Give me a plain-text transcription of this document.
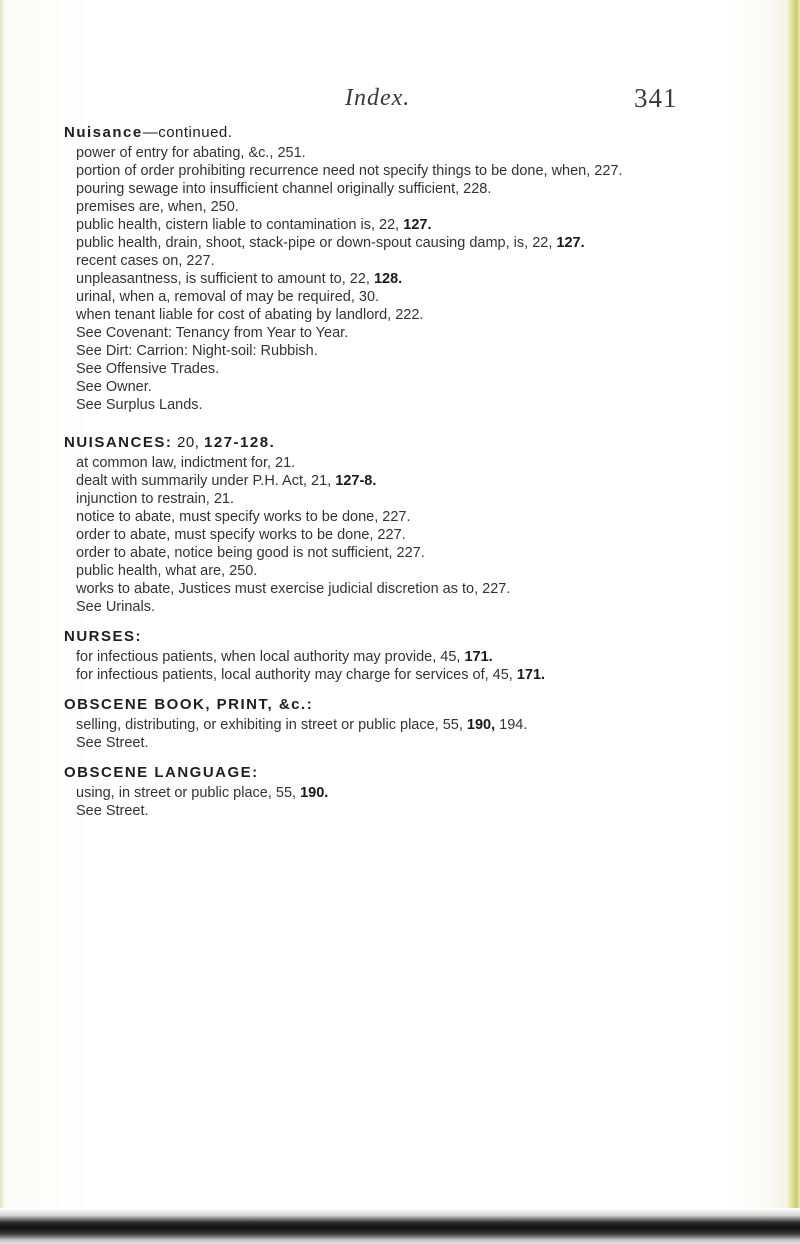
Index.	341
Nuisance—continued.
power of entry for abating, &c., 251.
portion of order prohibiting recurrence need not specify things to be done, when, 227.
pouring sewage into insufficient channel originally sufficient, 228.
premises are, when, 250.
public health, cistern liable to contamination is, 22, 127.
public health, drain, shoot, stack-pipe or down-spout causing damp, is, 22, 127.
recent cases on, 227.
unpleasantness, is sufficient to amount to, 22, 128.
urinal, when a, removal of may be required, 30.
when tenant liable for cost of abating by landlord, 222.
See Covenant: Tenancy from Year to Year.
See Dirt: Carrion: Night-soil: Rubbish.
See Offensive Trades.
See Owner.
See Surplus Lands.
NUISANCES: 20, 127-128.
at common law, indictment for, 21.
dealt with summarily under P.H. Act, 21, 127-8.
injunction to restrain, 21.
notice to abate, must specify works to be done, 227.
order to abate, must specify works to be done, 227.
order to abate, notice being good is not sufficient, 227.
public health, what are, 250.
works to abate, Justices must exercise judicial discretion as to, 227.
See Urinals.
NURSES:
for infectious patients, when local authority may provide, 45, 171.
for infectious patients, local authority may charge for services of, 45, 171.
OBSCENE BOOK, PRINT, &c.:
selling, distributing, or exhibiting in street or public place, 55, 190, 194.
See Street.
OBSCENE LANGUAGE:
using, in street or public place, 55, 190.
See Street.
